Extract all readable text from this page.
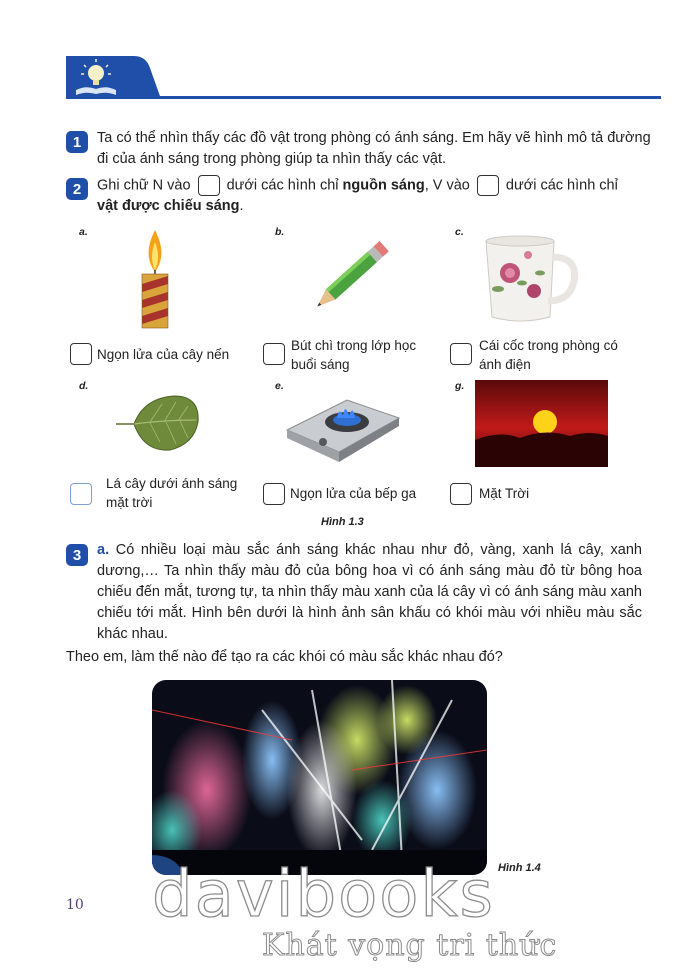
1	Ta có thể nhìn thấy các đồ vật trong phòng có ánh sáng. Em hãy vẽ hình mô tả đường đi của ánh sáng trong phòng giúp ta nhìn thấy các vật.
2	Ghi chữ N vào dưới các hình chỉ nguồn sáng, V vào dưới các hình chỉ
vật được chiếu sáng.
a.	b.	c.
Ngọn lửa của cây nến
Bút chì trong lớp học buổi sáng
Cái cốc trong phòng có ánh điện
d.	e.	g.
Lá cây dưới ánh sáng mặt trời
Ngọn lửa của bếp ga	Mặt Trời
Hình 1.3
3	a. Có nhiều loại màu sắc ánh sáng khác nhau như đỏ, vàng, xanh lá cây, xanh dương,… Ta nhìn thấy màu đỏ của bông hoa vì có ánh sáng màu đỏ từ bông hoa chiếu đến mắt, tương tự, ta nhìn thấy màu xanh của lá cây vì có ánh sáng màu xanh chiếu tới mắt. Hình bên dưới là hình ảnh sân khấu có khói màu với nhiều màu sắc khác nhau.
Theo em, làm thế nào để tạo ra các khói có màu sắc khác nhau đó?
Hình 1.4
10 davibooks
Khát vọng tri thức
